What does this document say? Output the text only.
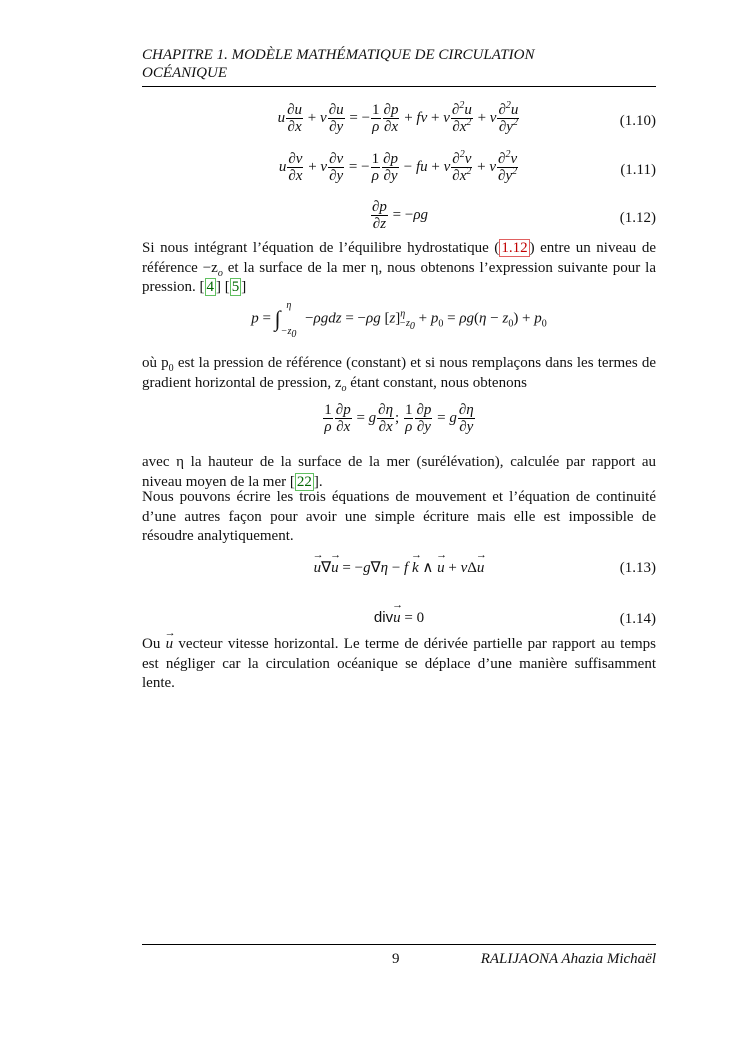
CHAPITRE 1. MODÈLE MATHÉMATIQUE DE CIRCULATION
OCÉANIQUE
u $\frac{\partial u}{\partial x} + v \frac{\partial u}{\partial y}$ = − $\frac{1}{\rho} \frac{\partial p}{\partial x}$ + fv + ν $\frac{\partial^2u}{\partial x^2} + \nu \frac{\partial^2u}{\partial y^2}$	(1.10)
u $\frac{\partial v}{\partial x} + v \frac{\partial v}{\partial y}$ = − $\frac{1}{\rho} \frac{\partial p}{\partial y}$ − fu + ν $\frac{\partial^2v}{\partial x^2} + \nu \frac{\partial^2v}{\partial y^2}$	(1.11)
$\frac{\partial p}{\partial z} = -\rho g$	(1.12)
Si nous intégrant l’équation de l’équilibre hydrostatique ( 1.12 ) entre un niveau de référence $-z_o$ et la surface de la mer η, nous obtenons l’expression suivante pour la pression. [ 4 ] [ 5 ]
$p = \int_{-z_0}^\eta -\rho gdz = -\rho g$ $[z]^\eta_{-z_0} + p_0 = \rho g(\eta - z_0) + p_0$
où $p_0$ est la pression de référence (constant) et si nous remplaçons dans les termes de gradient horizontal de pression, $z_o$ étant constant, nous obtenons
$\frac{1}{\rho} \frac{\partial p}{\partial x} = g \frac{\partial\eta}{\partial x}$ ; $\frac{1}{\rho} \frac{\partial p}{\partial y} = g \frac{\partial\eta}{\partial y}$
avec η la hauteur de la surface de la mer (surélévation), calculée par rapport au niveau moyen de la mer [ 22 ].
Nous pouvons écrire les trois équations de mouvement et l’équation de continuité d’une autres façon pour avoir une simple écriture mais elle est impossible de résoudre analytiquement.
→ u∇→ u = −g∇η − f → k ∧ → u + νΔ→ u	(1.13)
div→ u = 0	(1.14)
Ou → u vecteur vitesse horizontal. Le terme de dérivée partielle par rapport au temps est négliger car la circulation océanique se déplace d’une manière suffisamment lente.
9	RALIJAONA Ahazia Michaël
